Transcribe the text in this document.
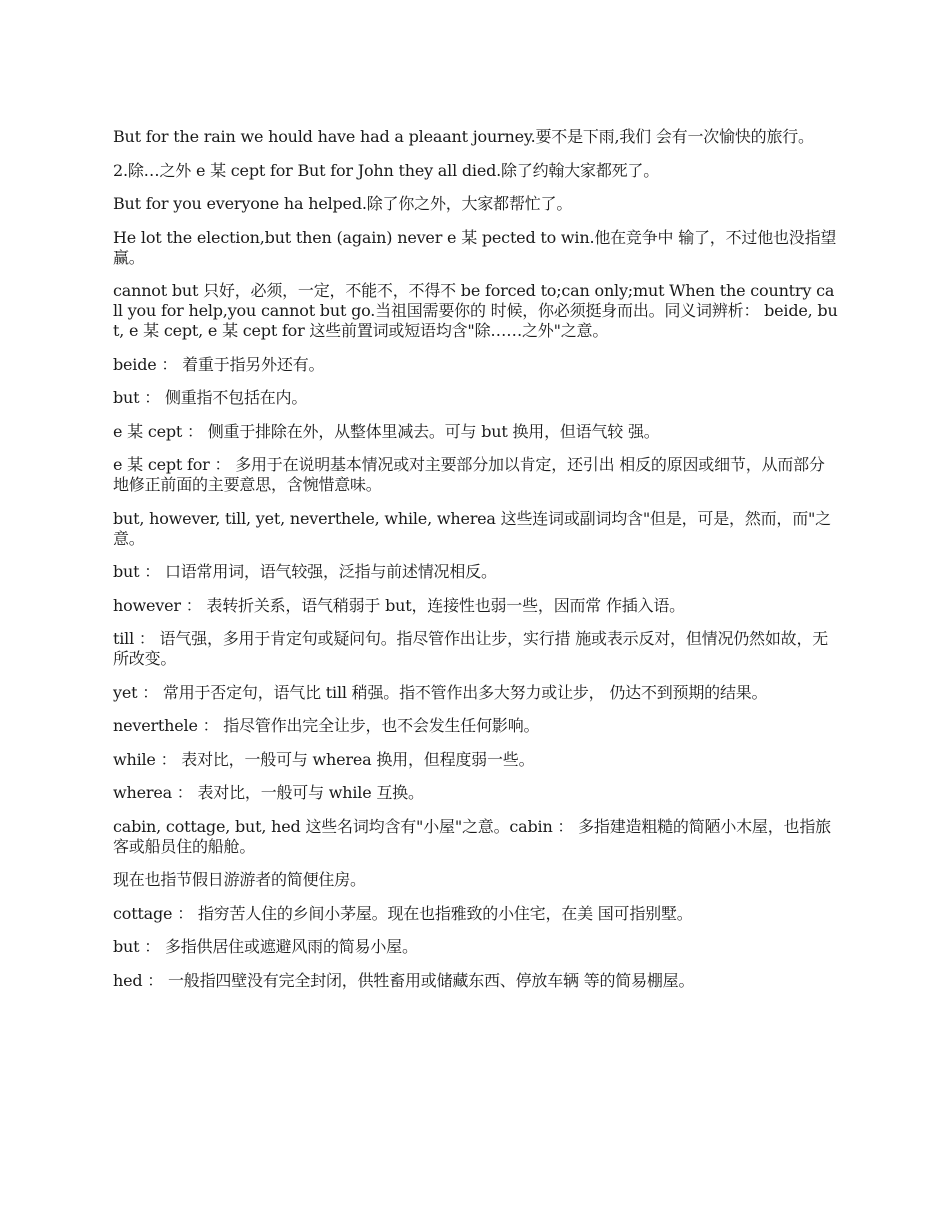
But for the rain we hould have had a pleaant journey.要不是下雨,我们 会有一次愉快的旅行。

2.除…之外 e 某 cept for But for John they all died.除了约翰大家都死了。

But for you everyone ha helped.除了你之外，大家都帮忙了。

He lot the election,but then (again) never e 某 pected to win.他在竞争中 输了，不过他也没指望赢。

cannot but 只好，必须，一定，不能不，不得不 be forced to;can only;mut When the country call you for help,you cannot but go.当祖国需要你的 时候，你必须挺身而出。同义词辨析： beide, but, e 某 cept, e 某 cept for 这些前置词或短语均含"除……之外"之意。

beide ： 着重于指另外还有。

but ： 侧重指不包括在内。

e 某 cept ： 侧重于排除在外，从整体里减去。可与 but 换用，但语气较 强。

e 某 cept for ： 多用于在说明基本情况或对主要部分加以肯定，还引出 相反的原因或细节，从而部分地修正前面的主要意思，含惋惜意味。

but, however, till, yet, neverthele, while, wherea 这些连词或副词均含"但是，可是，然而，而"之意。

but ： 口语常用词，语气较强，泛指与前述情况相反。

however ： 表转折关系，语气稍弱于 but，连接性也弱一些，因而常 作插入语。

till ： 语气强，多用于肯定句或疑问句。指尽管作出让步，实行措 施或表示反对，但情况仍然如故，无所改变。

yet ： 常用于否定句，语气比 till 稍强。指不管作出多大努力或让步， 仍达不到预期的结果。

neverthele ： 指尽管作出完全让步，也不会发生任何影响。

while ： 表对比，一般可与 wherea 换用，但程度弱一些。

wherea ： 表对比，一般可与 while 互换。

cabin, cottage, but, hed 这些名词均含有"小屋"之意。cabin ： 多指建造粗糙的简陋小木屋，也指旅客或船员住的船舱。

现在也指节假日游游者的简便住房。

cottage ： 指穷苦人住的乡间小茅屋。现在也指雅致的小住宅，在美 国可指别墅。

but ： 多指供居住或遮避风雨的简易小屋。

hed ： 一般指四壁没有完全封闭，供牲畜用或储藏东西、停放车辆 等的简易棚屋。
